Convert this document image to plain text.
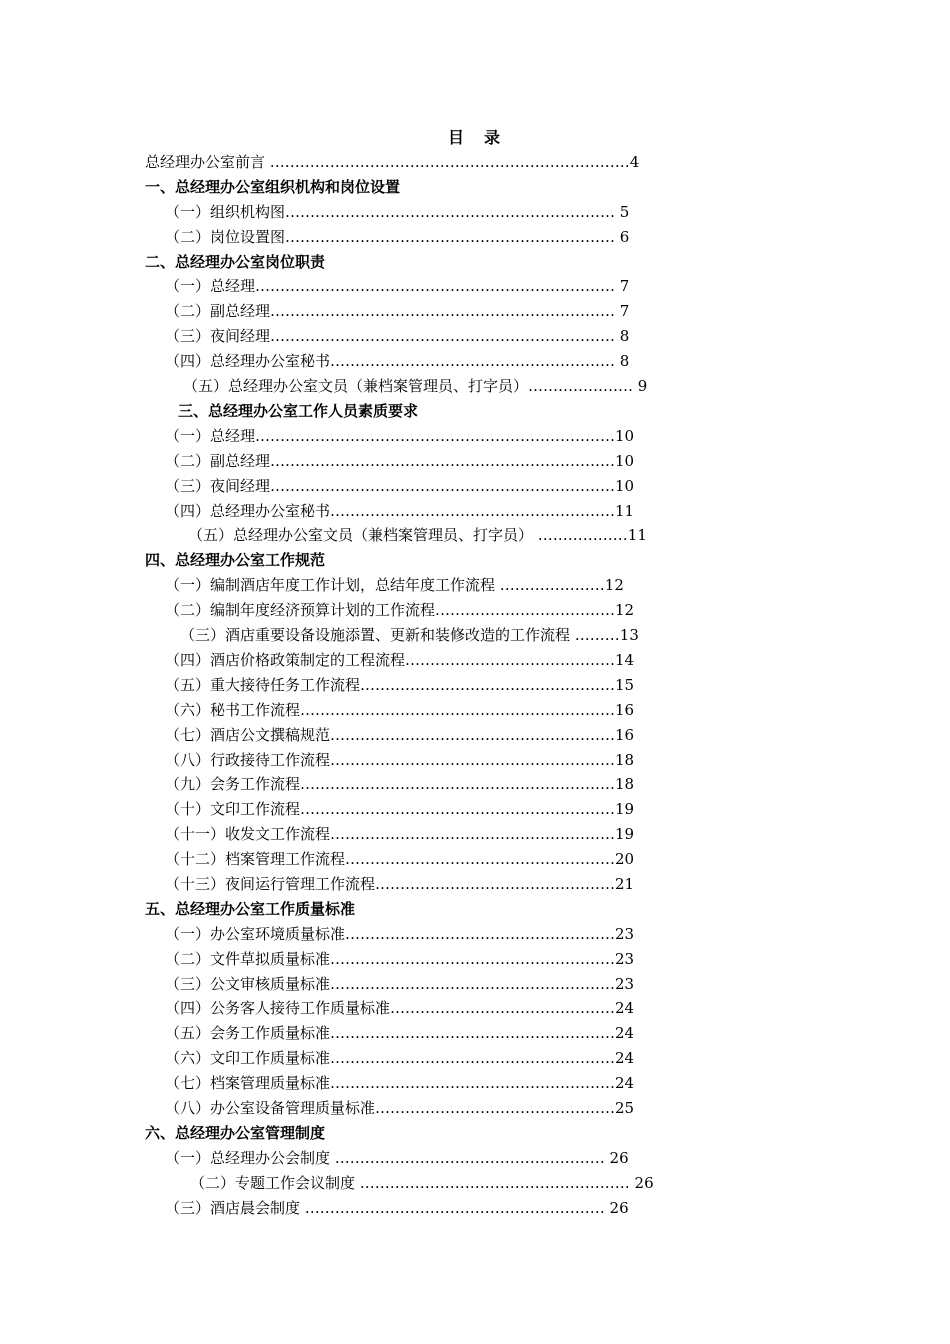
目　录
总经理办公室前言 ………………………………………………………………4
一、总经理办公室组织机构和岗位设置
（一）组织机构图………………………………………………………… 5
（二）岗位设置图………………………………………………………… 6
二、总经理办公室岗位职责
（一）总经理……………………………………………………………… 7
（二）副总经理…………………………………………………………… 7
（三）夜间经理…………………………………………………………… 8
（四）总经理办公室秘书………………………………………………… 8
（五）总经理办公室文员（兼档案管理员、打字员）………………… 9
三、总经理办公室工作人员素质要求
（一）总经理………………………………………………………………10
（二）副总经理……………………………………………………………10
（三）夜间经理……………………………………………………………10
（四）总经理办公室秘书…………………………………………………11
（五）总经理办公室文员（兼档案管理员、打字员） ………………11
四、总经理办公室工作规范
（一）编制酒店年度工作计划，总结年度工作流程 …………………12
（二）编制年度经济预算计划的工作流程………………………………12
（三）酒店重要设备设施添置、更新和装修改造的工作流程 ………13
（四）酒店价格政策制定的工程流程……………………………………14
（五）重大接待任务工作流程……………………………………………15
（六）秘书工作流程………………………………………………………16
（七）酒店公文撰稿规范…………………………………………………16
（八）行政接待工作流程…………………………………………………18
（九）会务工作流程………………………………………………………18
（十）文印工作流程………………………………………………………19
（十一）收发文工作流程…………………………………………………19
（十二）档案管理工作流程………………………………………………20
（十三）夜间运行管理工作流程…………………………………………21
五、总经理办公室工作质量标准
（一）办公室环境质量标准………………………………………………23
（二）文件草拟质量标准…………………………………………………23
（三）公文审核质量标准…………………………………………………23
（四）公务客人接待工作质量标准………………………………………24
（五）会务工作质量标准…………………………………………………24
（六）文印工作质量标准…………………………………………………24
（七）档案管理质量标准…………………………………………………24
（八）办公室设备管理质量标准…………………………………………25
六、总经理办公室管理制度
（一）总经理办公会制度 ……………………………………………… 26
（二）专题工作会议制度 ……………………………………………… 26
（三）酒店晨会制度 …………………………………………………… 26
